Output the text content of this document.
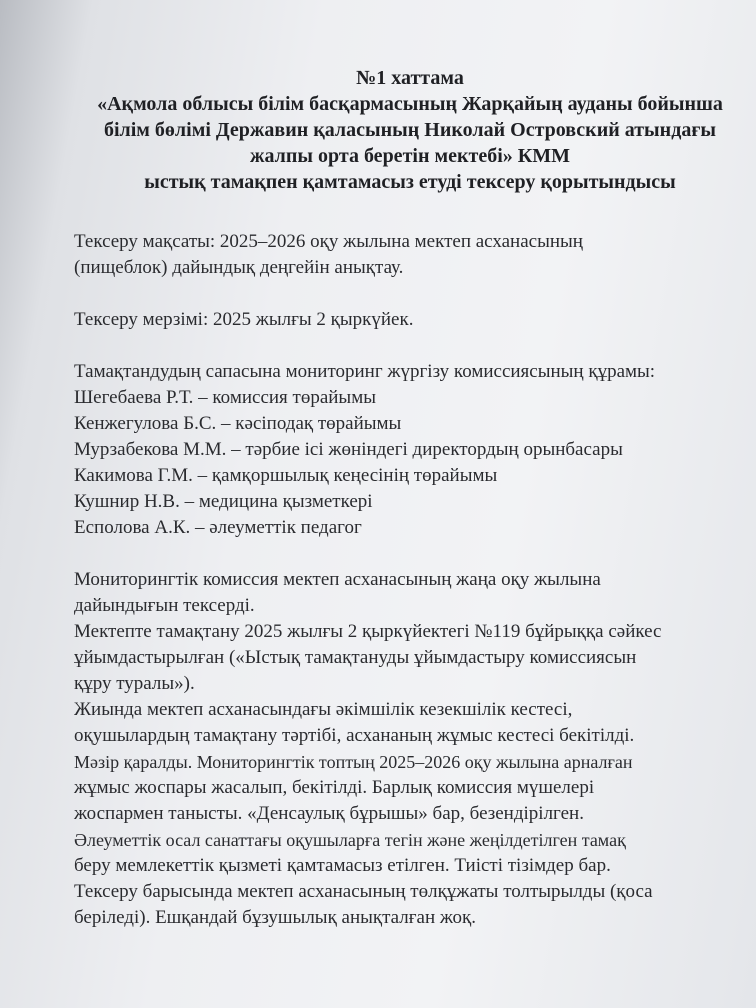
№1 хаттама
«Ақмола облысы білім басқармасының Жарқайың ауданы бойынша
білім бөлімі Державин қаласының Николай Островский атындағы
жалпы орта беретін мектебі» КММ
ыстық тамақпен қамтамасыз етуді тексеру қорытындысы
Тексеру мақсаты: 2025–2026 оқу жылына мектеп асханасының
(пищеблок) дайындық деңгейін анықтау.
Тексеру мерзімі: 2025 жылғы 2 қыркүйек.
Тамақтандудың сапасына мониторинг жүргізу комиссиясының құрамы:
Шегебаева Р.Т. – комиссия төрайымы
Кенжегулова Б.С. – кәсіподақ төрайымы
Мурзабекова М.М. – тәрбие ісі жөніндегі директордың орынбасары
Какимова Г.М. – қамқоршылық кеңесінің төрайымы
Кушнир Н.В. – медицина қызметкері
Есполова А.К. – әлеуметтік педагог
Мониторингтік комиссия мектеп асханасының жаңа оқу жылына
дайындығын тексерді.
Мектепте тамақтану 2025 жылғы 2 қыркүйектегі №119 бұйрыққа сәйкес
ұйымдастырылған («Ыстық тамақтануды ұйымдастыру комиссиясын
құру туралы»).
Жиында мектеп асханасындағы әкімшілік кезекшілік кестесі,
оқушылардың тамақтану тәртібі, асхананың жұмыс кестесі бекітілді.
Мәзір қаралды. Мониторингтік топтың 2025–2026 оқу жылына арналған
жұмыс жоспары жасалып, бекітілді. Барлық комиссия мүшелері
жоспармен танысты. «Денсаулық бұрышы» бар, безендірілген.
Әлеуметтік осал санаттағы оқушыларға тегін және жеңілдетілген тамақ
беру мемлекеттік қызметі қамтамасыз етілген. Тиісті тізімдер бар.
Тексеру барысында мектеп асханасының төлқұжаты толтырылды (қоса
беріледі). Ешқандай бұзушылық анықталған жоқ.
